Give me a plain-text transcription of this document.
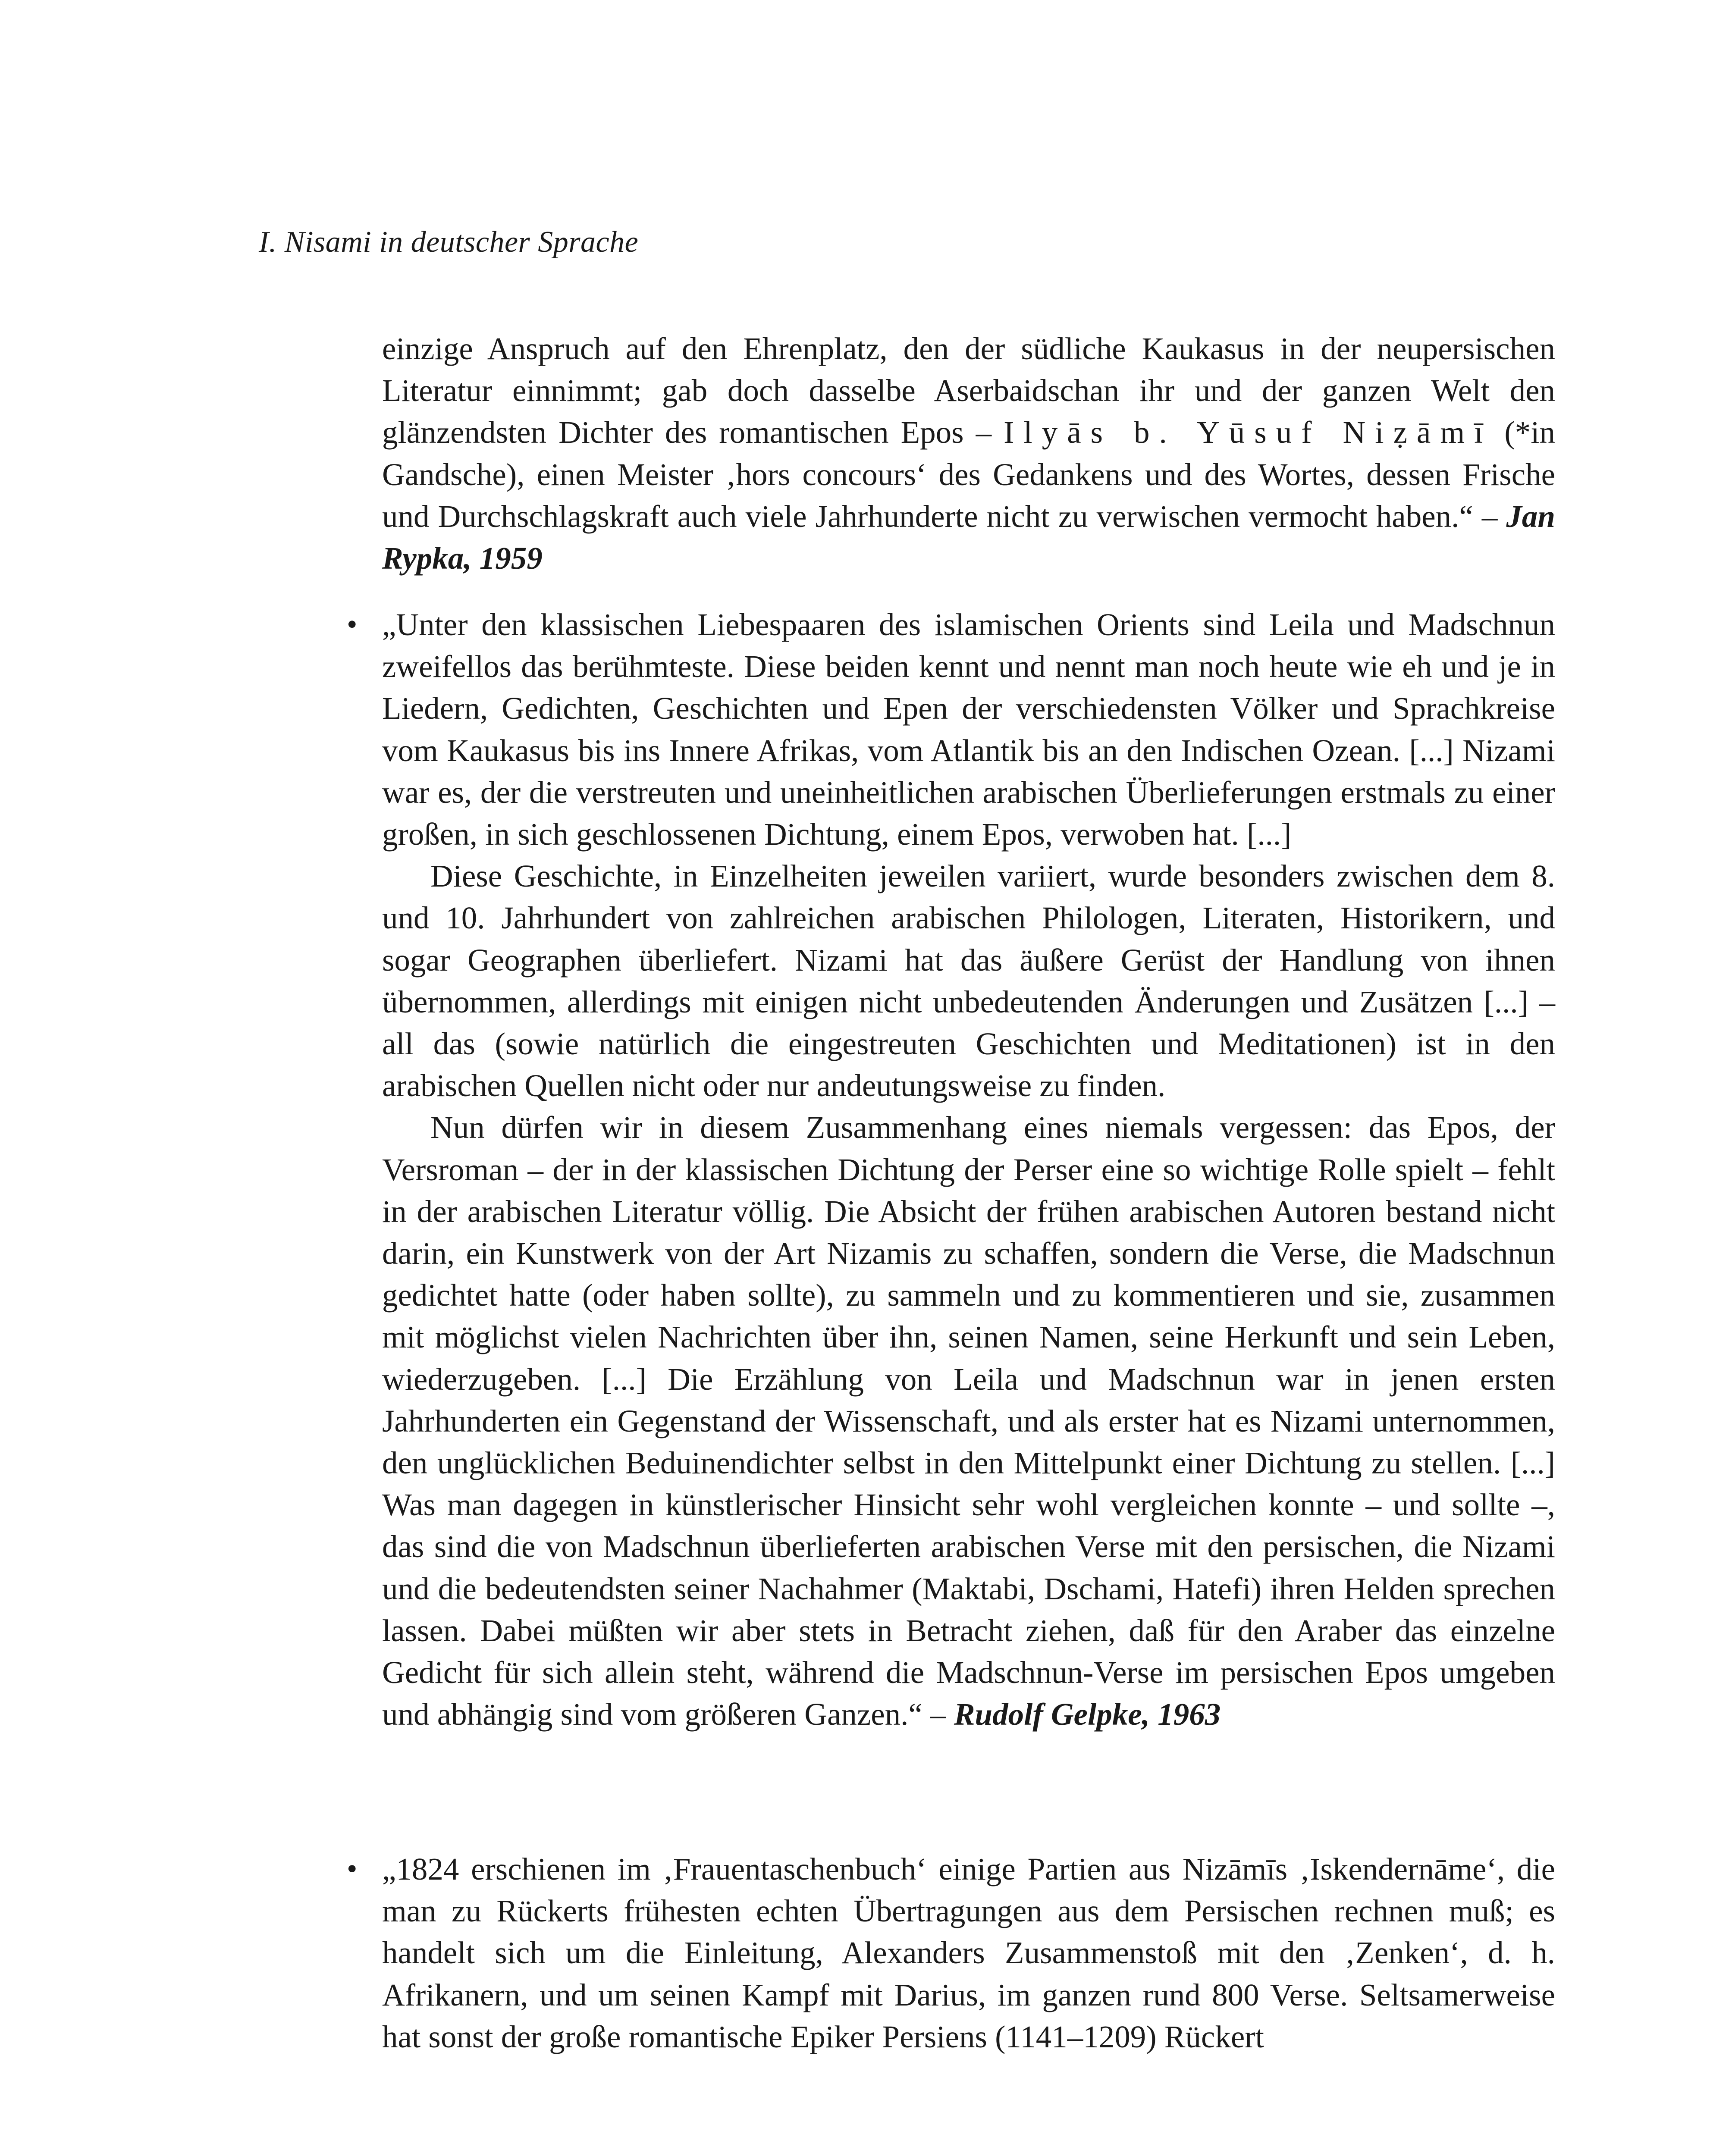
I. Nisami in deutscher Sprache

einzige Anspruch auf den Ehrenplatz, den der südliche Kaukasus in der neupersischen Literatur einnimmt; gab doch dasselbe Aserbaidschan ihr und der ganzen Welt den glänzendsten Dichter des romantischen Epos – Ilyās b. Yūsuf Niẓāmī (*in Gandsche), einen Meister ‚hors concours‘ des Gedankens und des Wortes, dessen Frische und Durchschlagskraft auch viele Jahrhunderte nicht zu verwischen vermocht haben.“ – Jan Rypka, 1959

• „Unter den klassischen Liebespaaren des islamischen Orients sind Leila und Madschnun zweifellos das berühmteste. Diese beiden kennt und nennt man noch heute wie eh und je in Liedern, Gedichten, Geschichten und Epen der verschiedensten Völker und Sprachkreise vom Kaukasus bis ins Innere Afrikas, vom Atlantik bis an den Indischen Ozean. [...] Nizami war es, der die verstreuten und uneinheitlichen arabischen Überlieferungen erstmals zu einer großen, in sich geschlossenen Dichtung, einem Epos, verwoben hat. [...]

Diese Geschichte, in Einzelheiten jeweilen variiert, wurde besonders zwischen dem 8. und 10. Jahrhundert von zahlreichen arabischen Philologen, Literaten, Historikern, und sogar Geographen überliefert. Nizami hat das äußere Gerüst der Handlung von ihnen übernommen, allerdings mit einigen nicht unbedeutenden Änderungen und Zusätzen [...] – all das (sowie natürlich die eingestreuten Geschichten und Meditationen) ist in den arabischen Quellen nicht oder nur andeutungsweise zu finden.

Nun dürfen wir in diesem Zusammenhang eines niemals vergessen: das Epos, der Versroman – der in der klassischen Dichtung der Perser eine so wichtige Rolle spielt – fehlt in der arabischen Literatur völlig. Die Absicht der frühen arabischen Autoren bestand nicht darin, ein Kunstwerk von der Art Nizamis zu schaffen, sondern die Verse, die Madschnun gedichtet hatte (oder haben sollte), zu sammeln und zu kommentieren und sie, zusammen mit möglichst vielen Nachrichten über ihn, seinen Namen, seine Herkunft und sein Leben, wiederzugeben. [...] Die Erzählung von Leila und Madschnun war in jenen ersten Jahrhunderten ein Gegenstand der Wissenschaft, und als erster hat es Nizami unternommen, den unglücklichen Beduinendichter selbst in den Mittelpunkt einer Dichtung zu stellen. [...] Was man dagegen in künstlerischer Hinsicht sehr wohl vergleichen konnte – und sollte –, das sind die von Madschnun überlieferten arabischen Verse mit den persischen, die Nizami und die bedeutendsten seiner Nachahmer (Maktabi, Dschami, Hatefi) ihren Helden sprechen lassen. Dabei müßten wir aber stets in Betracht ziehen, daß für den Araber das einzelne Gedicht für sich allein steht, während die Madschnun-Verse im persischen Epos umgeben und abhängig sind vom größeren Ganzen.“ – Rudolf Gelpke, 1963

• „1824 erschienen im ‚Frauentaschenbuch‘ einige Partien aus Nizāmīs ‚Iskendernāme‘, die man zu Rückerts frühesten echten Übertragungen aus dem Persischen rechnen muß; es handelt sich um die Einleitung, Alexanders Zusammenstoß mit den ‚Zenken‘, d. h. Afrikanern, und um seinen Kampf mit Darius, im ganzen rund 800 Verse. Seltsamerweise hat sonst der große romantische Epiker Persiens (1141–1209) Rückert
